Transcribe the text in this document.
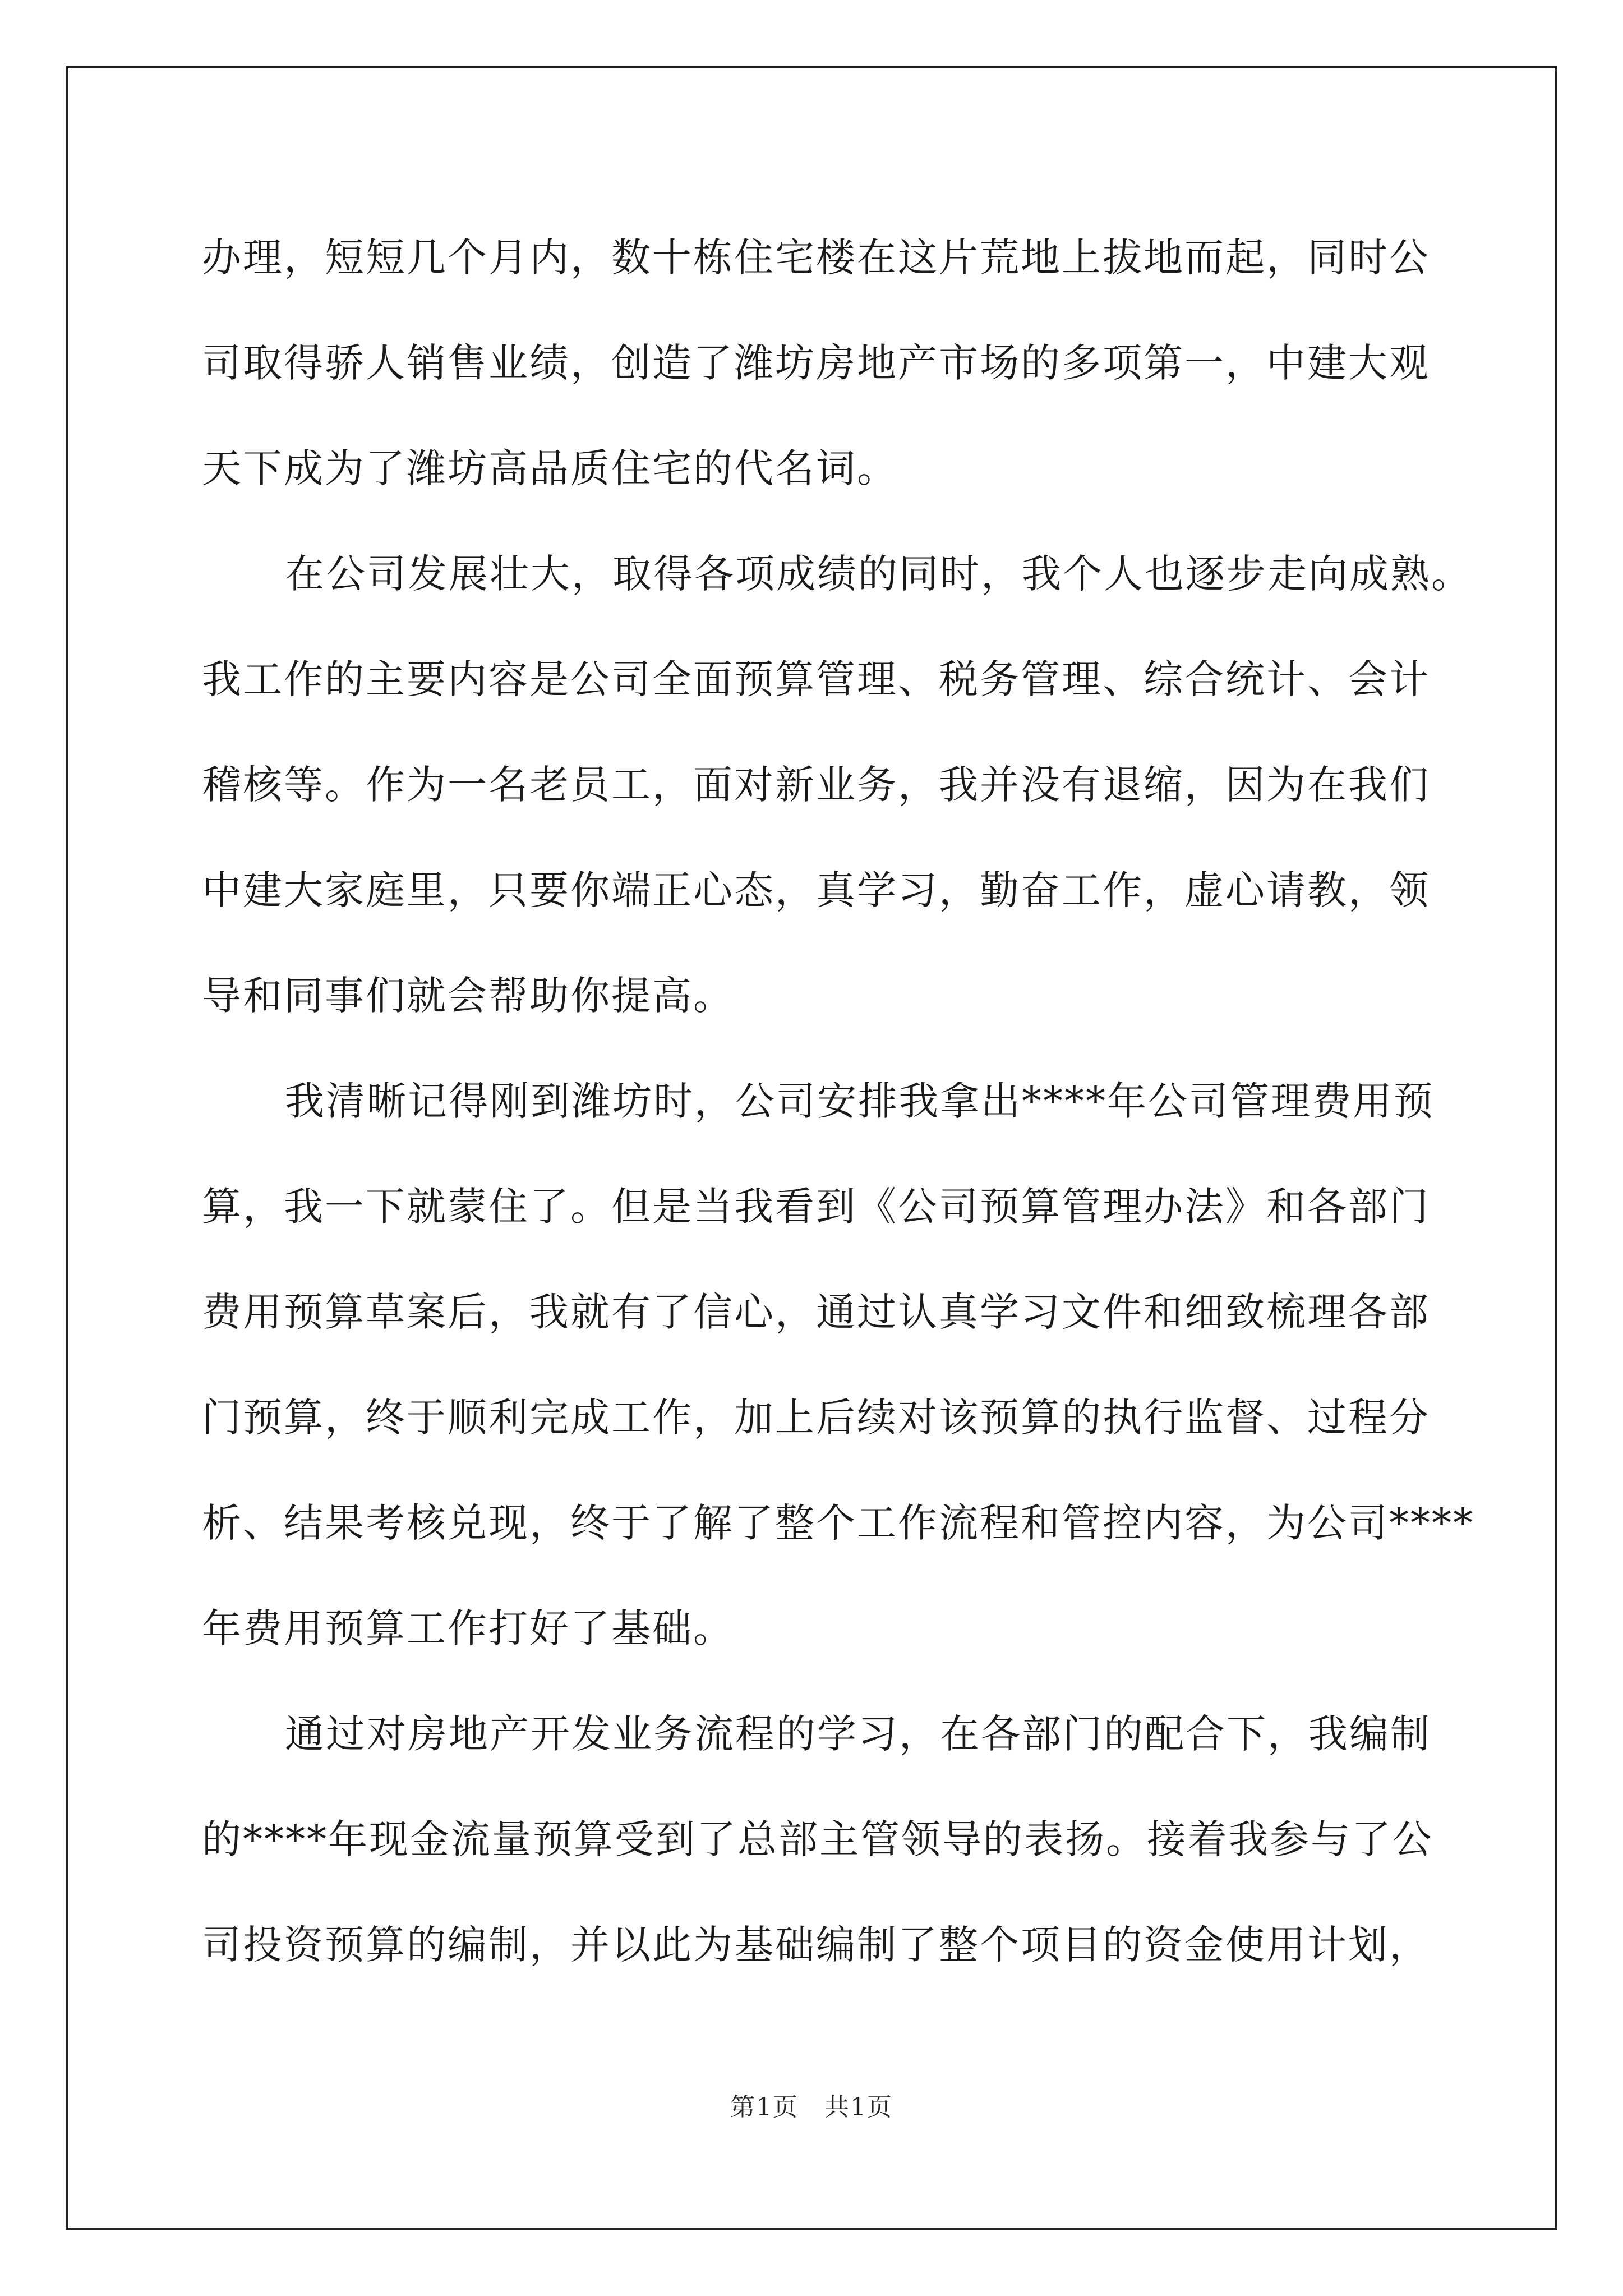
办理，短短几个月内，数十栋住宅楼在这片荒地上拔地而起，同时公
司取得骄人销售业绩，创造了潍坊房地产市场的多项第一，中建大观
天下成为了潍坊高品质住宅的代名词。
在公司发展壮大，取得各项成绩的同时，我个人也逐步走向成熟。
我工作的主要内容是公司全面预算管理、税务管理、综合统计、会计
稽核等。作为一名老员工，面对新业务，我并没有退缩，因为在我们
中建大家庭里，只要你端正心态，真学习，勤奋工作，虚心请教，领
导和同事们就会帮助你提高。
我清晰记得刚到潍坊时，公司安排我拿出****年公司管理费用预
算，我一下就蒙住了。但是当我看到《公司预算管理办法》和各部门
费用预算草案后，我就有了信心，通过认真学习文件和细致梳理各部
门预算，终于顺利完成工作，加上后续对该预算的执行监督、过程分
析、结果考核兑现，终于了解了整个工作流程和管控内容，为公司****
年费用预算工作打好了基础。
通过对房地产开发业务流程的学习，在各部门的配合下，我编制
的****年现金流量预算受到了总部主管领导的表扬。接着我参与了公
司投资预算的编制，并以此为基础编制了整个项目的资金使用计划，
第1页　共1页
